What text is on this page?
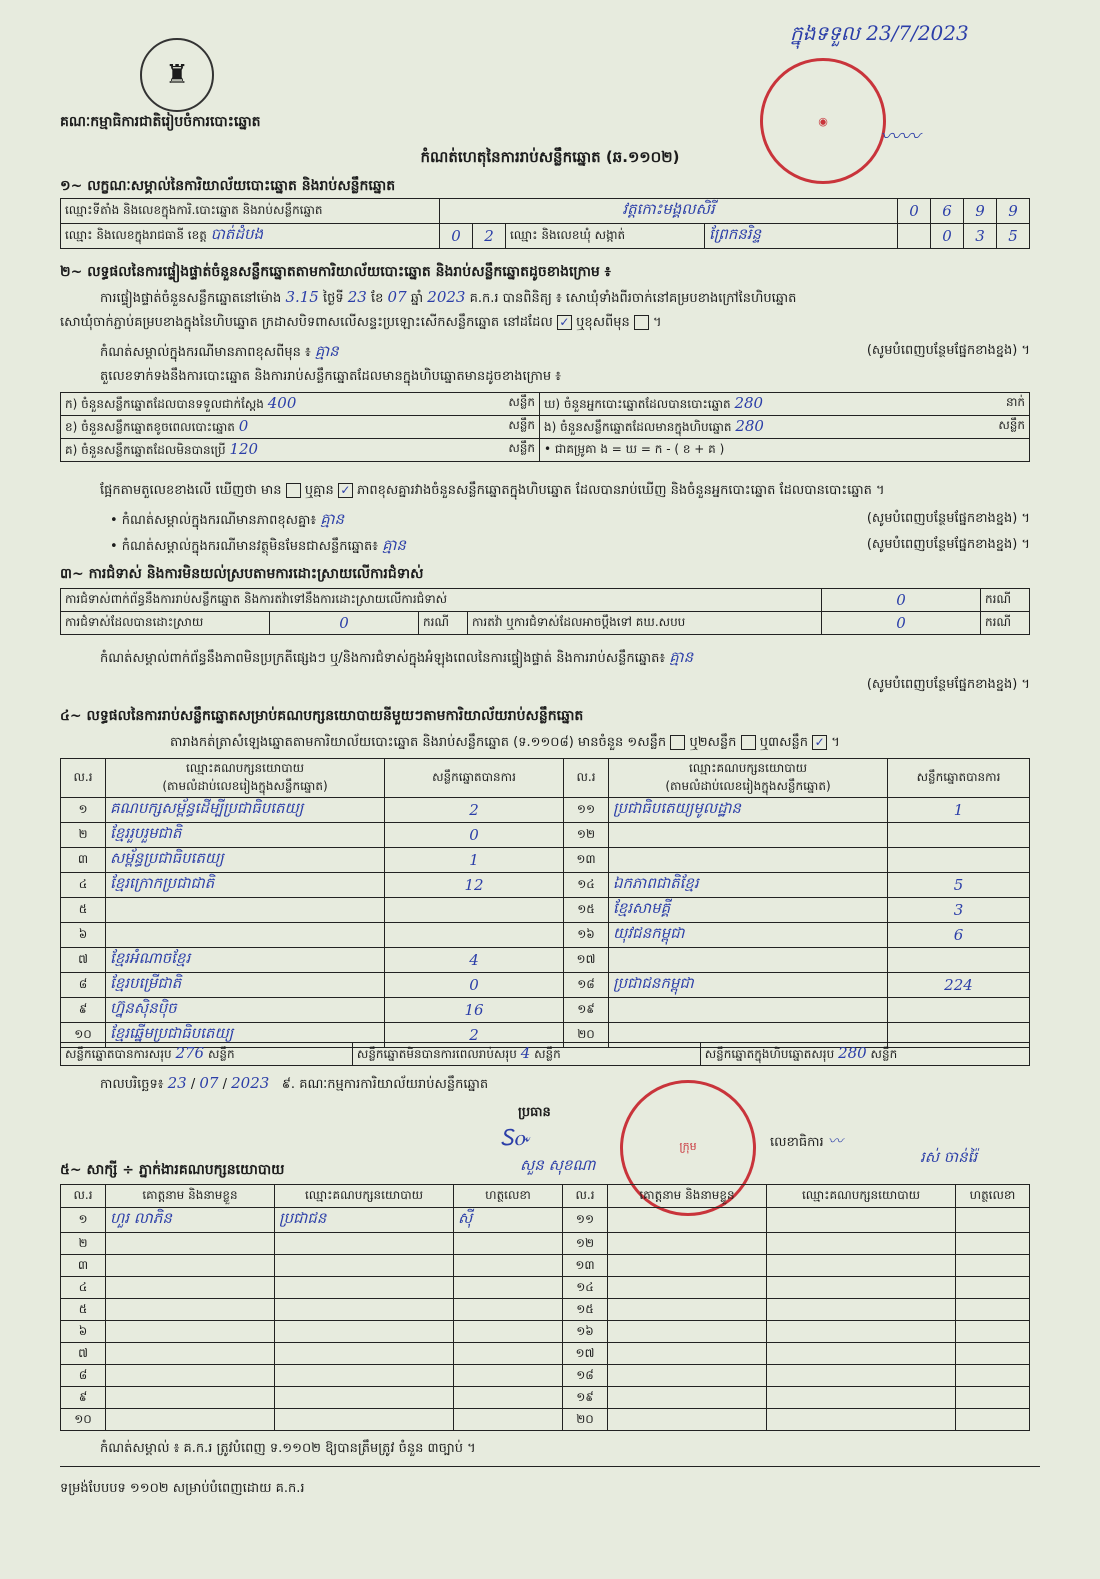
♜
គណៈកម្មាធិការជាតិរៀបចំការបោះឆ្នោត
កំណត់ហេតុនៃការរាប់សន្លឹកឆ្នោត (ឆ.១១០២)
ក្នុងទទួល 23/7/2023
◉
〰〰
១~ លក្ខណៈសម្គាល់នៃការិយាល័យបោះឆ្នោត និងរាប់សន្លឹកឆ្នោត
ឈ្មោះទីតាំង និងលេខក្នុងការិ.បោះឆ្នោត និងរាប់សន្លឹកឆ្នោត	វត្តកោះមង្គលសិរី				0	6	9	9
ឈ្មោះ និងលេខក្នុងរាជធានី ខេត្ត បាត់ដំបង	0	2	ឈ្មោះ និងលេខឃុំ សង្កាត់	ព្រែកនរិន្ទ		0	3	5
២~ លទ្ធផលនៃការផ្ទៀងផ្ទាត់ចំនួនសន្លឹកឆ្នោតតាមការិយាល័យបោះឆ្នោត និងរាប់សន្លឹកឆ្នោតដូចខាងក្រោម ៖
ការផ្ទៀងផ្ទាត់ចំនួនសន្លឹកឆ្នោតនៅម៉ោង 3.15 ថ្ងៃទី 23 ខែ 07 ឆ្នាំ 2023 គ.ក.រ បានពិនិត្យ ៖ សោឃុំទាំងពីរចាក់នៅគម្របខាងក្រៅនៃហិបឆ្នោត
សោឃុំចាក់ភ្ជាប់គម្របខាងក្នុងនៃហិបឆ្នោត ក្រដាសបិទពាសលើសន្ទះប្រឡោះសើកសន្លឹកឆ្នោត នៅដដែល ✓ ឬខុសពីមុន  ។
កំណត់សម្គាល់ក្នុងករណីមានភាពខុសពីមុន ៖ គ្មាន	(សូមបំពេញបន្ថែមផ្នែកខាងខ្នង) ។
តួលេខទាក់ទងនឹងការបោះឆ្នោត និងការរាប់សន្លឹកឆ្នោតដែលមានក្នុងហិបឆ្នោតមានដូចខាងក្រោម ៖
ក) ចំនួនសន្លឹកឆ្នោតដែលបានទទួលជាក់ស្តែង 400 សន្លឹក	ឃ) ចំនួនអ្នកបោះឆ្នោតដែលបានបោះឆ្នោត 280 នាក់

ខ) ចំនួនសន្លឹកឆ្នោតខូចពេលបោះឆ្នោត 0 សន្លឹក	ង) ចំនួនសន្លឹកឆ្នោតដែលមានក្នុងហិបឆ្នោត 280 សន្លឹក

គ) ចំនួនសន្លឹកឆ្នោតដែលមិនបានប្រើ 120 សន្លឹក	• ជាគម្រូគា ង = ឃ = ក - ( ខ + គ )
ផ្អែកតាមតួលេខខាងលើ ឃើញថា មាន ឬគ្មាន ✓ ភាពខុសគ្នារវាងចំនួនសន្លឹកឆ្នោតក្នុងហិបឆ្នោត ដែលបានរាប់ឃើញ និងចំនួនអ្នកបោះឆ្នោត ដែលបានបោះឆ្នោត ។
• កំណត់សម្គាល់ក្នុងករណីមានភាពខុសគ្នា៖ គ្មាន	(សូមបំពេញបន្ថែមផ្នែកខាងខ្នង) ។
• កំណត់សម្គាល់ក្នុងករណីមានវត្ថុមិនមែនជាសន្លឹកឆ្នោត៖ គ្មាន	(សូមបំពេញបន្ថែមផ្នែកខាងខ្នង) ។
៣~ ការជំទាស់ និងការមិនយល់ស្របតាមការដោះស្រាយលើការជំទាស់
ការជំទាស់ពាក់ព័ន្ធនឹងការរាប់សន្លឹកឆ្នោត និងការតវ៉ាទៅនឹងការដោះស្រាយលើការជំទាស់				0	ករណី
ការជំទាស់ដែលបានដោះស្រាយ	0	ករណី	ការតវ៉ា ឬការជំទាស់ដែលអាចប្តឹងទៅ គឃ.សបប	0	ករណី
កំណត់សម្គាល់ពាក់ព័ន្ធនឹងភាពមិនប្រក្រតីផ្សេងៗ ឬ/និងការជំទាស់ក្នុងអំឡុងពេលនៃការផ្ទៀងផ្ទាត់ និងការរាប់សន្លឹកឆ្នោត៖ គ្មាន
(សូមបំពេញបន្ថែមផ្នែកខាងខ្នង) ។
៤~ លទ្ធផលនៃការរាប់សន្លឹកឆ្នោតសម្រាប់គណបក្សនយោបាយនីមួយៗតាមការិយាល័យរាប់សន្លឹកឆ្នោត
តារាងកត់ត្រាសំឡេងឆ្នោតតាមការិយាល័យបោះឆ្នោត និងរាប់សន្លឹកឆ្នោត (ទ.១១០៨) មានចំនួន ១សន្លឹក ឬ២សន្លឹក ឬ៣សន្លឹក ✓ ។
ល.រ	ឈ្មោះគណបក្សនយោបាយ
(តាមលំដាប់លេខរៀងក្នុងសន្លឹកឆ្នោត)	សន្លឹកឆ្នោតបានការ	ល.រ	ឈ្មោះគណបក្សនយោបាយ
(តាមលំដាប់លេខរៀងក្នុងសន្លឹកឆ្នោត)	សន្លឹកឆ្នោតបានការ
១	គណបក្សសម្ព័ន្ធដើម្បីប្រជាធិបតេយ្យ	2	១១	ប្រជាធិបតេយ្យមូលដ្ឋាន	1
២	ខ្មែររួបរួមជាតិ	0	១២		
៣	សម្ព័ន្ធប្រជាធិបតេយ្យ	1	១៣		
៤	ខ្មែរក្រោកប្រជាជាតិ	12	១៤	ឯកភាពជាតិខ្មែរ	5
៥			១៥	ខ្មែរសាមគ្គី	3
៦			១៦	យុវជនកម្ពុជា	6
៧	ខ្មែរអំណាចខ្មែរ	4	១៧		
៨	ខ្មែរបម្រើជាតិ	0	១៨	ប្រជាជនកម្ពុជា	224
៩	ហ្វ៊ុនស៊ិនប៉ិច	16	១៩		
១០	ខ្មែរឆ្នើមប្រជាធិបតេយ្យ	2	២០		
សន្លឹកឆ្នោតបានការសរុប 276 សន្លឹក	សន្លឹកឆ្នោតមិនបានការពេលរាប់សរុប 4 សន្លឹក	សន្លឹកឆ្នោតក្នុងហិបឆ្នោតសរុប 280 សន្លឹក
កាលបរិច្ឆេទ៖ 23 / 07 / 2023 ៩. គណៈកម្មការការិយាល័យរាប់សន្លឹកឆ្នោត
ប្រធាន
Ꮪꮕ
សួន សុខណា
ក្រុម	លេខាធិការ 〰
រស់ ចាន់រ៉ៃ
៥~ សាក្សី ÷ ភ្នាក់ងារគណបក្សនយោបាយ
ល.រ	គោត្តនាម និងនាមខ្លួន	ឈ្មោះគណបក្សនយោបាយ	ហត្ថលេខា	ល.រ	គោត្តនាម និងនាមខ្លួន	ឈ្មោះគណបក្សនយោបាយ	ហត្ថលេខា
១	ហួរ លាភិន	ប្រជាជន	ស៊ី	១១			
២				១២			
៣				១៣			
៤				១៤			
៥				១៥			
៦				១៦			
៧				១៧			
៨				១៨			
៩				១៩			
១០				២០			
កំណត់សម្គាល់ ៖ គ.ក.រ ត្រូវបំពេញ ទ.១១០២ ឱ្យបានត្រឹមត្រូវ ចំនួន ៣ច្បាប់ ។
ទម្រង់បែបបទ ១១០២ សម្រាប់បំពេញដោយ គ.ក.រ
